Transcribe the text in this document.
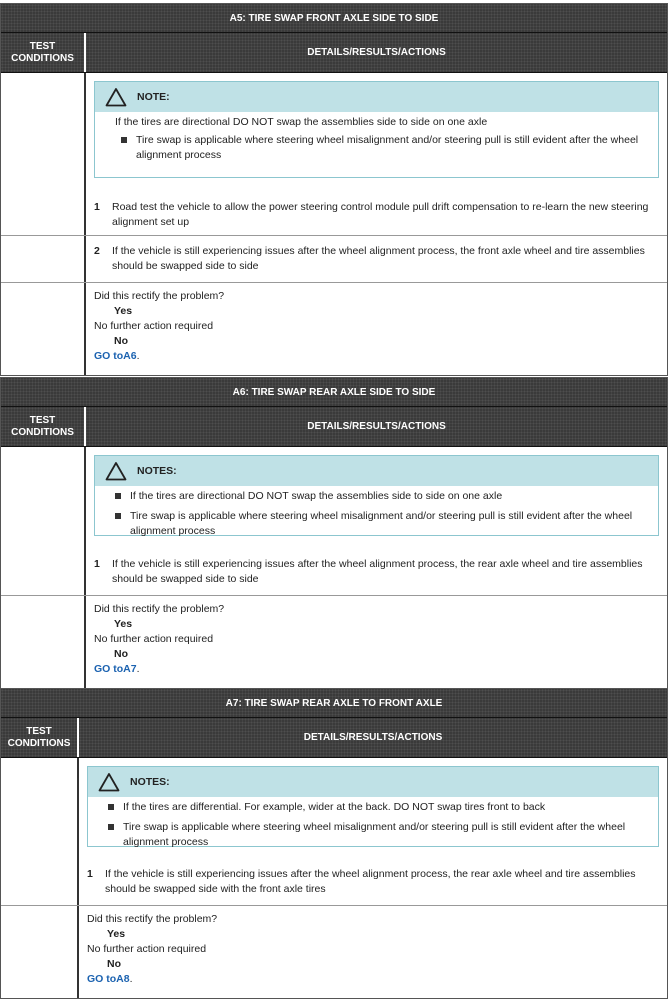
A5: TIRE SWAP FRONT AXLE SIDE TO SIDE
TEST CONDITIONS	DETAILS/RESULTS/ACTIONS
NOTE:
If the tires are directional DO NOT swap the assemblies side to side on one axle
Tire swap is applicable where steering wheel misalignment and/or steering pull is still evident after the wheel alignment process
1	Road test the vehicle to allow the power steering control module pull drift compensation to re-learn the new steering alignment set up
2	If the vehicle is still experiencing issues after the wheel alignment process, the front axle wheel and tire assemblies should be swapped side to side
Did this rectify the problem?
Yes
No further action required
No
GO toA6.
A6: TIRE SWAP REAR AXLE SIDE TO SIDE
TEST CONDITIONS	DETAILS/RESULTS/ACTIONS
NOTES:
If the tires are directional DO NOT swap the assemblies side to side on one axle
Tire swap is applicable where steering wheel misalignment and/or steering pull is still evident after the wheel alignment process
1	If the vehicle is still experiencing issues after the wheel alignment process, the rear axle wheel and tire assemblies should be swapped side to side
Did this rectify the problem?
Yes
No further action required
No
GO toA7.
A7: TIRE SWAP REAR AXLE TO FRONT AXLE
TEST CONDITIONS	DETAILS/RESULTS/ACTIONS
NOTES:
If the tires are differential. For example, wider at the back. DO NOT swap tires front to back
Tire swap is applicable where steering wheel misalignment and/or steering pull is still evident after the wheel alignment process
1	If the vehicle is still experiencing issues after the wheel alignment process, the rear axle wheel and tire assemblies should be swapped side with the front axle tires
Did this rectify the problem?
Yes
No further action required
No
GO toA8.
